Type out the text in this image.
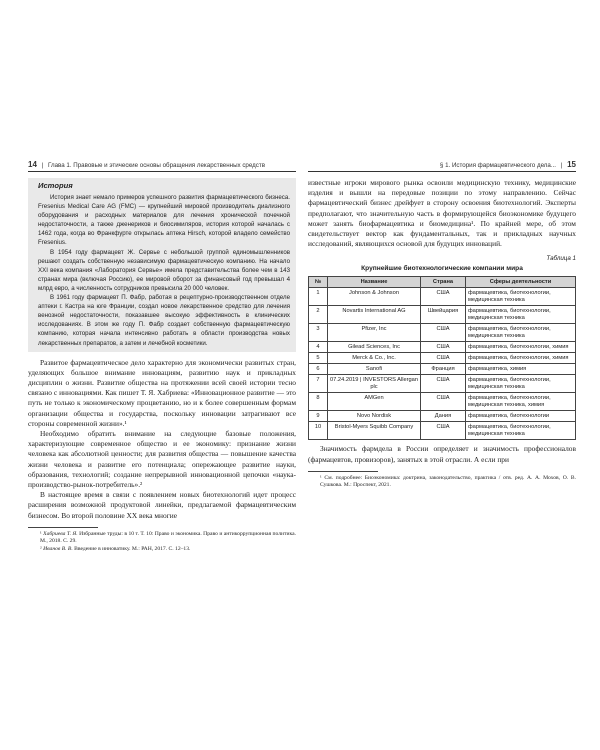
14 | Глава 1. Правовые и этические основы обращения лекарственных средств
История

История знает немало примеров успешного развития фармацевтического бизнеса. Fresenius Medical Care AG (FMC) — крупнейший мировой производитель диализного оборудования и расходных материалов для лечения хронической почечной недостаточности, а также дженериков и биосимиляров, история которой началась с 1462 года, когда во Франкфурте открылась аптека Hirsch, которой владело семейство Fresenius.

В 1954 году фармацевт Ж. Сервье с небольшой группой единомышленников решают создать собственную независимую фармацевтическую компанию. На начало XXI века компания «Лаборатория Сервье» имела представительства более чем в 143 странах мира (включая Россию), ее мировой оборот за финансовый год превышал 4 млрд евро, а численность сотрудников превысила 20 000 человек.

В 1961 году фармацевт П. Фабр, работая в рецептурно-производственном отделе аптеки г. Кастра на юге Франции, создал новое лекарственное средство для лечения венозной недостаточности, показавшее высокую эффективность в клинических исследованиях. В этом же году П. Фабр создает собственную фармацевтическую компанию, которая начала интенсивно работать в области производства новых лекарственных препаратов, а затем и лечебной косметики.

Развитое фармацевтическое дело характерно для экономически развитых стран, уделяющих большое внимание инновациям, развитию наук и прикладных дисциплин о жизни. Развитие общества на протяжении всей своей истории тесно связано с инновациями. Как пишет Т. Я. Хабриева: «Инновационное развитие — это путь не только к экономическому процветанию, но и к более совершенным формам организации общества и государства, поскольку инновации затрагивают все стороны современной жизни».¹

Необходимо обратить внимание на следующие базовые положения, характеризующие современное общество и ее экономику: признание жизни человека как абсолютной ценности; для развития общества — повышение качества жизни человека и развитие его потенциала; опережающее развитие науки, образования, технологий; создание непрерывной инновационной цепочки «наука-производство-рынок-потребитель».²

В настоящее время в связи с появлением новых биотехнологий идет процесс расширения возможной продуктовой линейки, предлагаемой фармацевтическим бизнесом. Во второй половине XX века многие

¹ Хабриева Т. Я. Избранные труды: в 10 т. Т. 10: Право и экономика. Право и антикоррупционная политика. М., 2018. С. 29.

² Иванов В. В. Введение в инноватику. М.: РАН, 2017. С. 12–13.

§ 1. История фармацевтического дела... | 15

известные игроки мирового рынка освоили медицинскую технику, медицинские изделия и вышли на передовые позиции по этому направлению. Сейчас фармацевтический бизнес дрейфует в сторону освоения биотехнологий. Эксперты предполагают, что значительную часть в формирующейся биоэкономике будущего может занять биофармацевтика и биомедицина¹. По крайней мере, об этом свидетельствует вектор как фундаментальных, так и прикладных научных исследований, являющихся основой для будущих инноваций.

Таблица 1
Крупнейшие биотехнологические компании мира
№	Название	Страна	Сферы деятельности
1	Johnson & Johnson	США	фармацевтика, биотехнологии, медицинская техника
2	Novartis International AG	Швейцария	фармацевтика, биотехнологии, медицинская техника
3	Pfizer, Inc	США	фармацевтика, биотехнологии, медицинская техника
4	Gilead Sciences, Inc	США	фармацевтика, биотехнологии, химия
5	Merck & Co., Inc.	США	фармацевтика, биотехнологии, химия
6	Sanofi	Франция	фармацевтика, химия
7	07.24.2019 | INVESTORS Allergan plc	США	фармацевтика, биотехнологии, медицинская техника
8	AMGen	США	фармацевтика, биотехнологии, медицинская техника, химия
9	Novo Nordisk	Дания	фармацевтика, биотехнологии
10	Bristol-Myers Squibb Company	США	фармацевтика, биотехнологии, медицинская техника

Значимость фармдела в России определяет и значимость профессионалов (фармацевтов, провизоров), занятых в этой отрасли. А если при

¹ См. подробнее: Биоэкономика: доктрина, законодательство, практика / отв. ред. А. А. Мохов, О. В. Сушкова. М.: Проспект, 2021.
